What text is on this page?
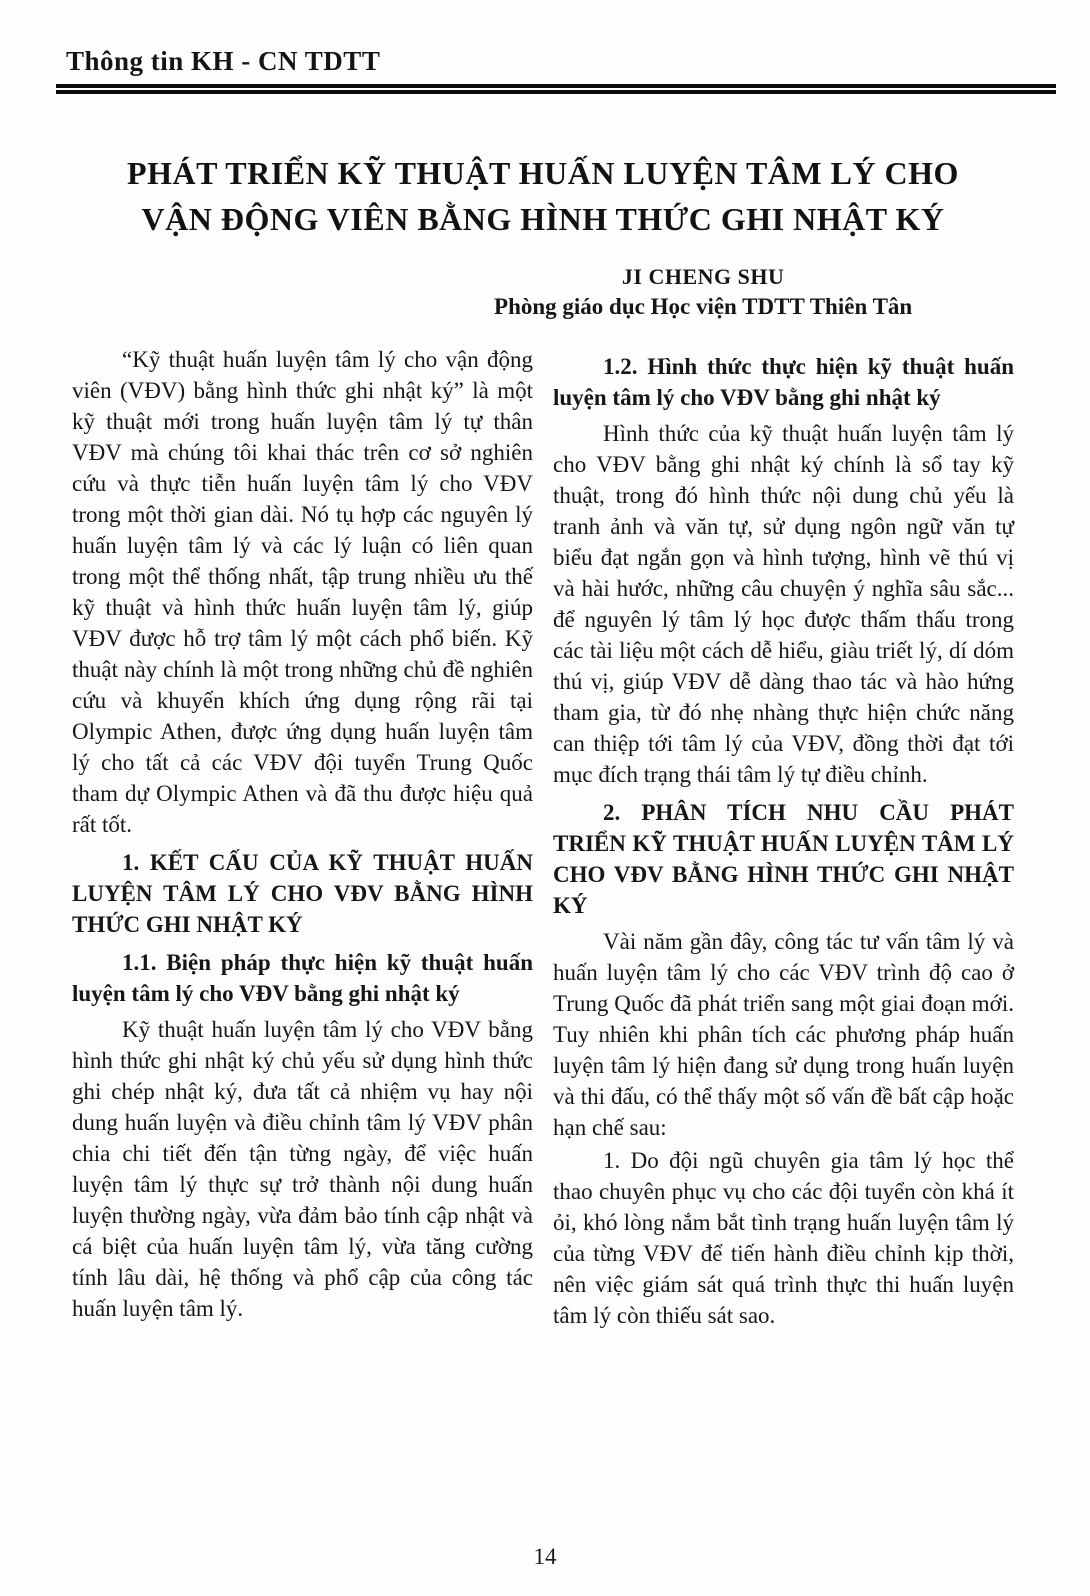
Thông tin KH - CN TDTT
PHÁT TRIỂN KỸ THUẬT HUẤN LUYỆN TÂM LÝ CHO
VẬN ĐỘNG VIÊN BẰNG HÌNH THỨC GHI NHẬT KÝ
JI CHENG SHU
Phòng giáo dục Học viện TDTT Thiên Tân
“Kỹ thuật huấn luyện tâm lý cho vận động viên (VĐV) bằng hình thức ghi nhật ký” là một kỹ thuật mới trong huấn luyện tâm lý tự thân VĐV mà chúng tôi khai thác trên cơ sở nghiên cứu và thực tiễn huấn luyện tâm lý cho VĐV trong một thời gian dài. Nó tụ hợp các nguyên lý huấn luyện tâm lý và các lý luận có liên quan trong một thể thống nhất, tập trung nhiều ưu thế kỹ thuật và hình thức huấn luyện tâm lý, giúp VĐV được hỗ trợ tâm lý một cách phổ biến. Kỹ thuật này chính là một trong những chủ đề nghiên cứu và khuyến khích ứng dụng rộng rãi tại Olympic Athen, được ứng dụng huấn luyện tâm lý cho tất cả các VĐV đội tuyển Trung Quốc tham dự Olympic Athen và đã thu được hiệu quả rất tốt.
1. KẾT CẤU CỦA KỸ THUẬT HUẤN LUYỆN TÂM LÝ CHO VĐV BẰNG HÌNH THỨC GHI NHẬT KÝ
1.1. Biện pháp thực hiện kỹ thuật huấn luyện tâm lý cho VĐV bằng ghi nhật ký
Kỹ thuật huấn luyện tâm lý cho VĐV bằng hình thức ghi nhật ký chủ yếu sử dụng hình thức ghi chép nhật ký, đưa tất cả nhiệm vụ hay nội dung huấn luyện và điều chỉnh tâm lý VĐV phân chia chi tiết đến tận từng ngày, để việc huấn luyện tâm lý thực sự trở thành nội dung huấn luyện thường ngày, vừa đảm bảo tính cập nhật và cá biệt của huấn luyện tâm lý, vừa tăng cường tính lâu dài, hệ thống và phổ cập của công tác huấn luyện tâm lý.
1.2. Hình thức thực hiện kỹ thuật huấn luyện tâm lý cho VĐV bằng ghi nhật ký
Hình thức của kỹ thuật huấn luyện tâm lý cho VĐV bằng ghi nhật ký chính là sổ tay kỹ thuật, trong đó hình thức nội dung chủ yếu là tranh ảnh và văn tự, sử dụng ngôn ngữ văn tự biểu đạt ngắn gọn và hình tượng, hình vẽ thú vị và hài hước, những câu chuyện ý nghĩa sâu sắc... để nguyên lý tâm lý học được thấm thấu trong các tài liệu một cách dễ hiểu, giàu triết lý, dí dóm thú vị, giúp VĐV dễ dàng thao tác và hào hứng tham gia, từ đó nhẹ nhàng thực hiện chức năng can thiệp tới tâm lý của VĐV, đồng thời đạt tới mục đích trạng thái tâm lý tự điều chỉnh.
2. PHÂN TÍCH NHU CẦU PHÁT TRIỂN KỸ THUẬT HUẤN LUYỆN TÂM LÝ CHO VĐV BẰNG HÌNH THỨC GHI NHẬT KÝ
Vài năm gần đây, công tác tư vấn tâm lý và huấn luyện tâm lý cho các VĐV trình độ cao ở Trung Quốc đã phát triển sang một giai đoạn mới. Tuy nhiên khi phân tích các phương pháp huấn luyện tâm lý hiện đang sử dụng trong huấn luyện và thi đấu, có thể thấy một số vấn đề bất cập hoặc hạn chế sau:
1. Do đội ngũ chuyên gia tâm lý học thể thao chuyên phục vụ cho các đội tuyển còn khá ít ỏi, khó lòng nắm bắt tình trạng huấn luyện tâm lý của từng VĐV để tiến hành điều chỉnh kịp thời, nên việc giám sát quá trình thực thi huấn luyện tâm lý còn thiếu sát sao.
14
